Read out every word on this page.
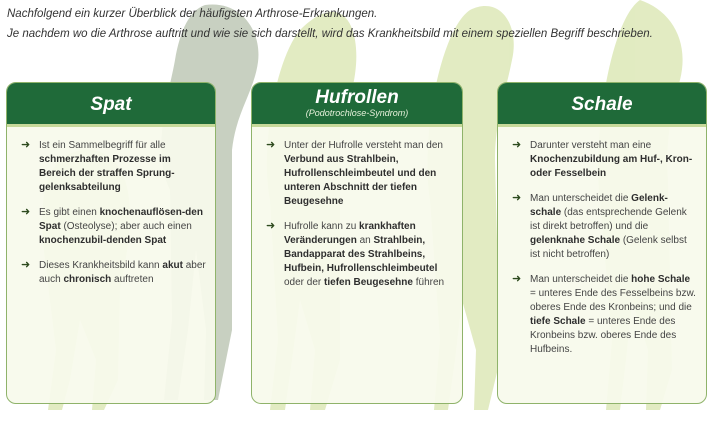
Nachfolgend ein kurzer Überblick der häufigsten Arthrose-Erkrankungen.

Je nachdem wo die Arthrose auftritt und wie sie sich darstellt, wird das Krankheitsbild mit einem speziellen Begriff beschrieben.

Spat
➜ Ist ein Sammelbegriff für alle schmerzhaften Prozesse im Bereich der straffen Sprung-gelenksabteilung
➜ Es gibt einen knochenauflösen-den Spat (Osteolyse); aber auch einen knochenzubil-denden Spat
➜ Dieses Krankheitsbild kann akut aber auch chronisch auftreten
Hufrollen
(Podotrochlose-Syndrom)
➜ Unter der Hufrolle versteht man den Verbund aus Strahlbein, Hufrollenschleimbeutel und den unteren Abschnitt der tiefen Beugesehne
➜ Hufrolle kann zu krankhaften Veränderungen an Strahlbein, Bandapparat des Strahlbeins, Hufbein, Hufrollenschleimbeutel oder der tiefen Beugesehne führen
Schale
➜ Darunter versteht man eine Knochenzubildung am Huf-, Kron- oder Fesselbein
➜ Man unterscheidet die Gelenk-schale (das entsprechende Gelenk ist direkt betroffen) und die gelenknahe Schale (Gelenk selbst ist nicht betroffen)
➜ Man unterscheidet die hohe Schale = unteres Ende des Fesselbeins bzw. oberes Ende des Kronbeins; und die tiefe Schale = unteres Ende des Kronbeins bzw. oberes Ende des Hufbeins.
